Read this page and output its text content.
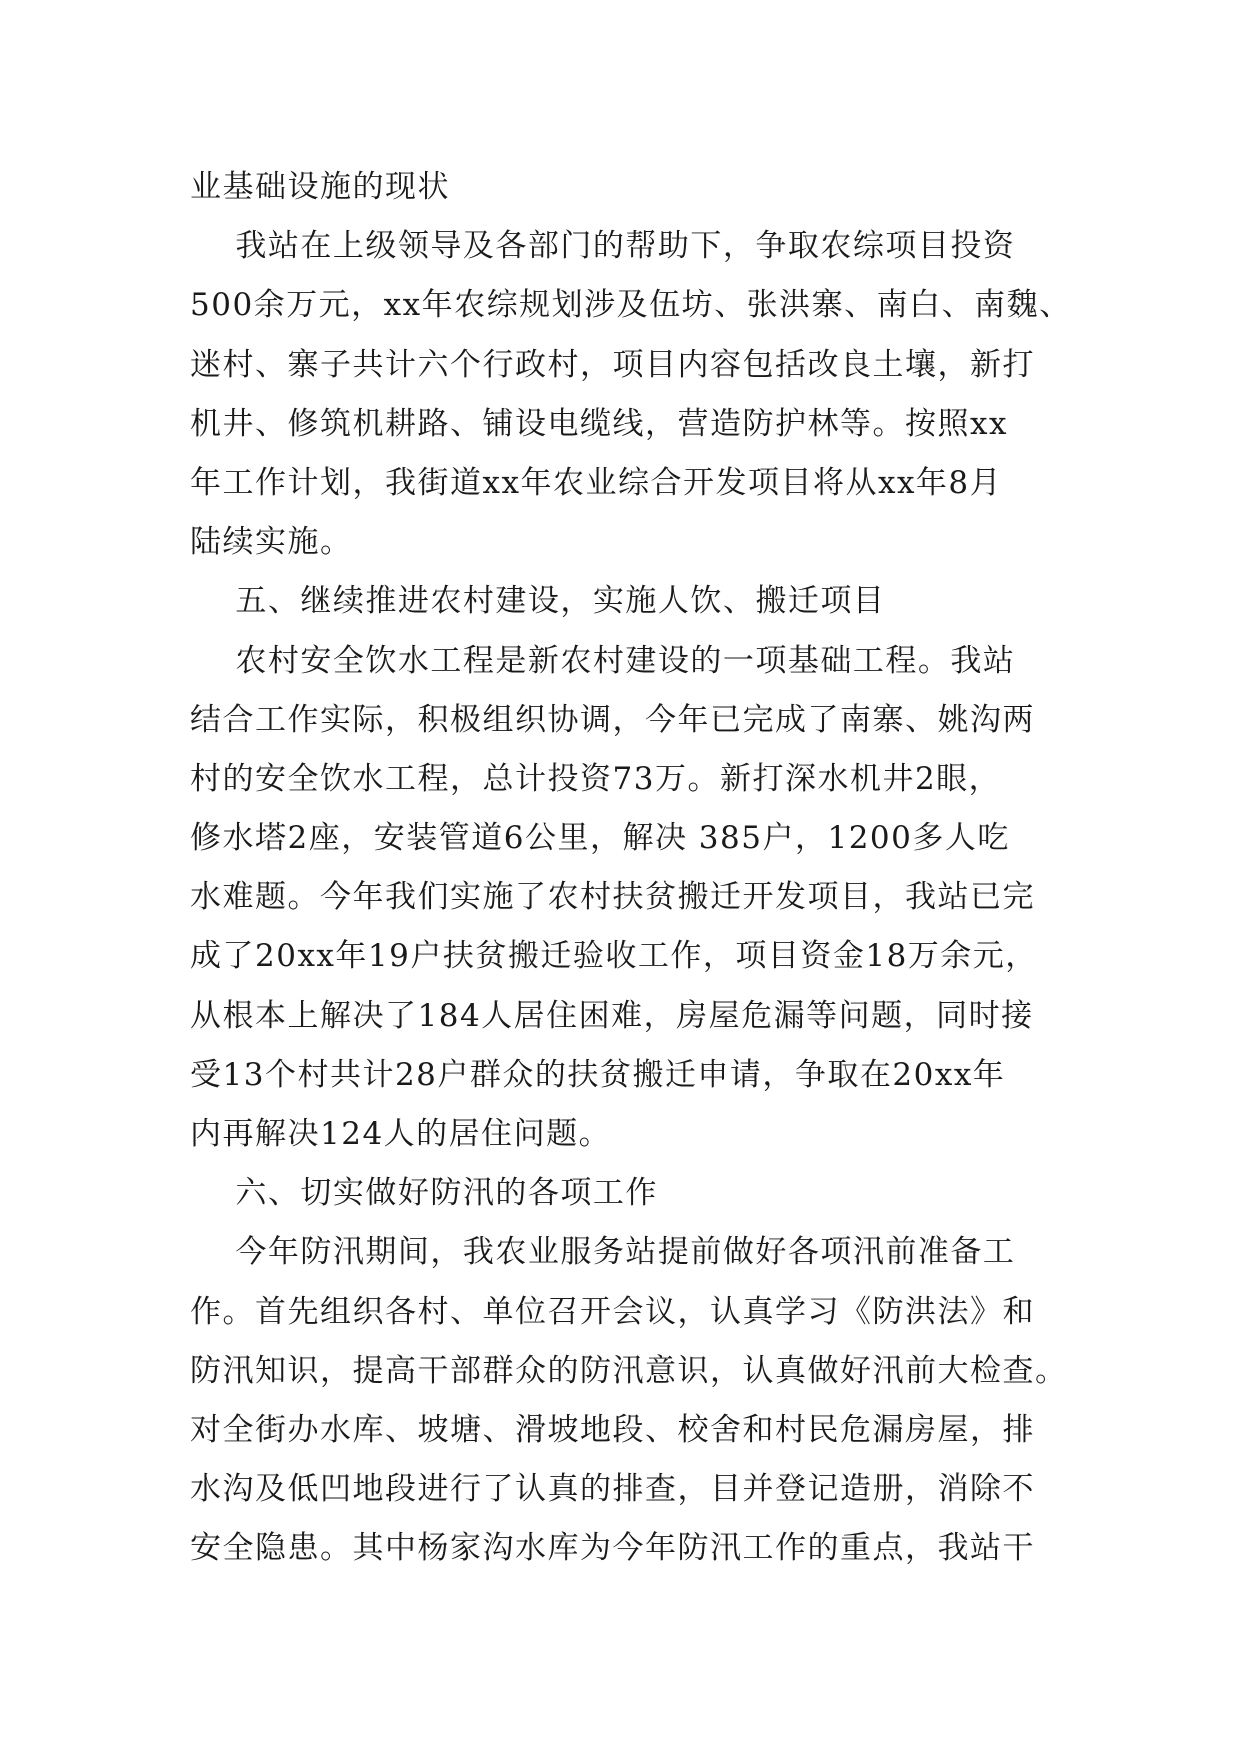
业基础设施的现状
我站在上级领导及各部门的帮助下，争取农综项目投资
500余万元，xx年农综规划涉及伍坊、张洪寨、南白、南魏、
迷村、寨子共计六个行政村，项目内容包括改良土壤，新打
机井、修筑机耕路、铺设电缆线，营造防护林等。按照xx
年工作计划，我街道xx年农业综合开发项目将从xx年8月
陆续实施。
五、继续推进农村建设，实施人饮、搬迁项目
农村安全饮水工程是新农村建设的一项基础工程。我站
结合工作实际，积极组织协调，今年已完成了南寨、姚沟两
村的安全饮水工程，总计投资73万。新打深水机井2眼，
修水塔2座，安装管道6公里，解决 385户，1200多人吃
水难题。今年我们实施了农村扶贫搬迁开发项目，我站已完
成了20xx年19户扶贫搬迁验收工作，项目资金18万余元，
从根本上解决了184人居住困难，房屋危漏等问题，同时接
受13个村共计28户群众的扶贫搬迁申请，争取在20xx年
内再解决124人的居住问题。
六、切实做好防汛的各项工作
今年防汛期间，我农业服务站提前做好各项汛前准备工
作。首先组织各村、单位召开会议，认真学习《防洪法》和
防汛知识，提高干部群众的防汛意识，认真做好汛前大检查。
对全街办水库、坡塘、滑坡地段、校舍和村民危漏房屋，排
水沟及低凹地段进行了认真的排查，目并登记造册，消除不
安全隐患。其中杨家沟水库为今年防汛工作的重点，我站干
